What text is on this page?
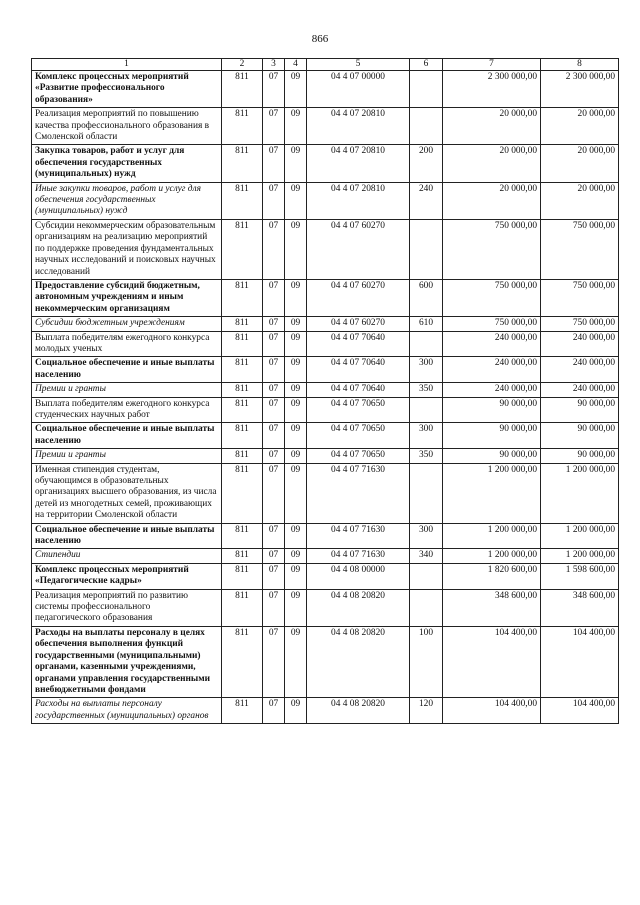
866
1	2	3	4	5	6	7	8
Комплекс процессных мероприятий «Развитие профессионального образования»	811	07	09	04 4 07 00000		2 300 000,00	2 300 000,00
Реализация мероприятий по повышению качества профессионального образования в Смоленской области	811	07	09	04 4 07 20810		20 000,00	20 000,00
Закупка товаров, работ и услуг для обеспечения государственных (муниципальных) нужд	811	07	09	04 4 07 20810	200	20 000,00	20 000,00
Иные закупки товаров, работ и услуг для обеспечения государственных (муниципальных) нужд	811	07	09	04 4 07 20810	240	20 000,00	20 000,00
Субсидии некоммерческим образовательным организациям на реализацию мероприятий по поддержке проведения фундаментальных научных исследований и поисковых научных исследований	811	07	09	04 4 07 60270		750 000,00	750 000,00
Предоставление субсидий бюджетным, автономным учреждениям и иным некоммерческим организациям	811	07	09	04 4 07 60270	600	750 000,00	750 000,00
Субсидии бюджетным учреждениям	811	07	09	04 4 07 60270	610	750 000,00	750 000,00
Выплата победителям ежегодного конкурса молодых ученых	811	07	09	04 4 07 70640		240 000,00	240 000,00
Социальное обеспечение и иные выплаты населению	811	07	09	04 4 07 70640	300	240 000,00	240 000,00
Премии и гранты	811	07	09	04 4 07 70640	350	240 000,00	240 000,00
Выплата победителям ежегодного конкурса студенческих научных работ	811	07	09	04 4 07 70650		90 000,00	90 000,00
Социальное обеспечение и иные выплаты населению	811	07	09	04 4 07 70650	300	90 000,00	90 000,00
Премии и гранты	811	07	09	04 4 07 70650	350	90 000,00	90 000,00
Именная стипендия студентам, обучающимся в образовательных организациях высшего образования, из числа детей из многодетных семей, проживающих на территории Смоленской области	811	07	09	04 4 07 71630		1 200 000,00	1 200 000,00
Социальное обеспечение и иные выплаты населению	811	07	09	04 4 07 71630	300	1 200 000,00	1 200 000,00
Стипендии	811	07	09	04 4 07 71630	340	1 200 000,00	1 200 000,00
Комплекс процессных мероприятий «Педагогические кадры»	811	07	09	04 4 08 00000		1 820 600,00	1 598 600,00
Реализация мероприятий по развитию системы профессионального педагогического образования	811	07	09	04 4 08 20820		348 600,00	348 600,00
Расходы на выплаты персоналу в целях обеспечения выполнения функций государственными (муниципальными) органами, казенными учреждениями, органами управления государственными внебюджетными фондами	811	07	09	04 4 08 20820	100	104 400,00	104 400,00
Расходы на выплаты персоналу государственных (муниципальных) органов	811	07	09	04 4 08 20820	120	104 400,00	104 400,00
